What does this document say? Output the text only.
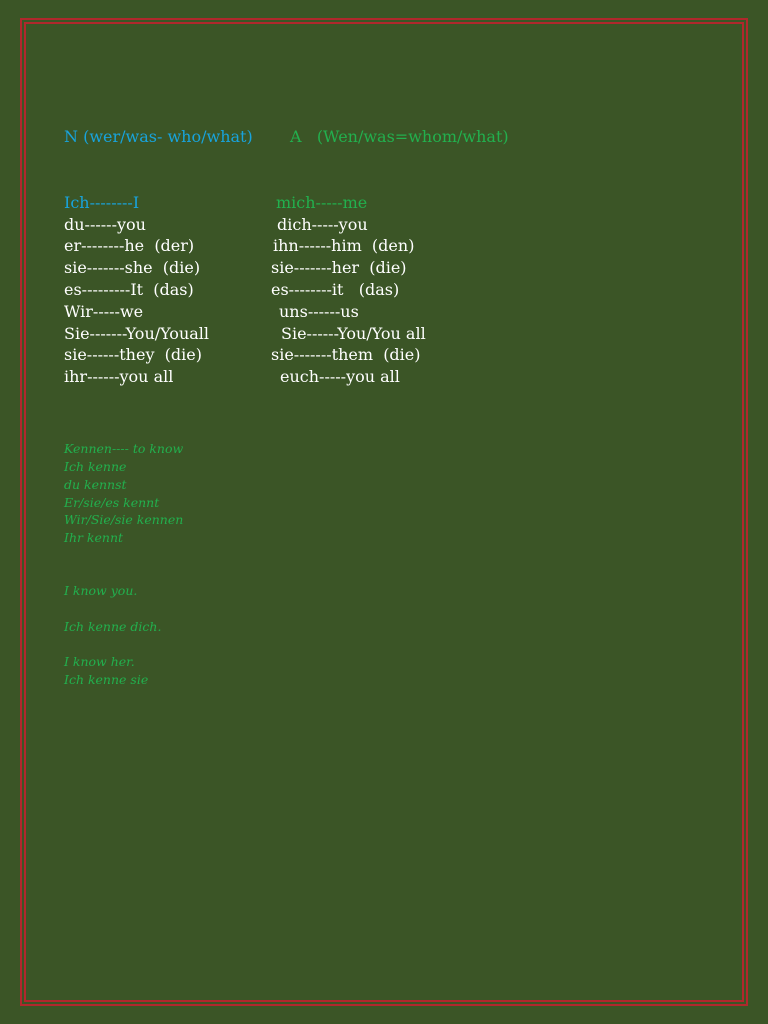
N (wer/was- who/what) A   (Wen/was=whom/what)
Ich--------I	mich-----me
du------you	dich-----you
er--------he  (der)	ihn------him  (den)
sie-------she  (die)	sie-------her  (die)
es---------It  (das)	es--------it   (das)
Wir-----we	uns------us
Sie-------You/Youall	Sie------You/You all
sie------they  (die)	sie-------them  (die)
ihr------you all	euch-----you all
Kennen---- to know
Ich kenne
du kennst
Er/sie/es kennt
Wir/Sie/sie kennen
Ihr kennt
I know you.
Ich kenne dich.
I know her.
Ich kenne sie
